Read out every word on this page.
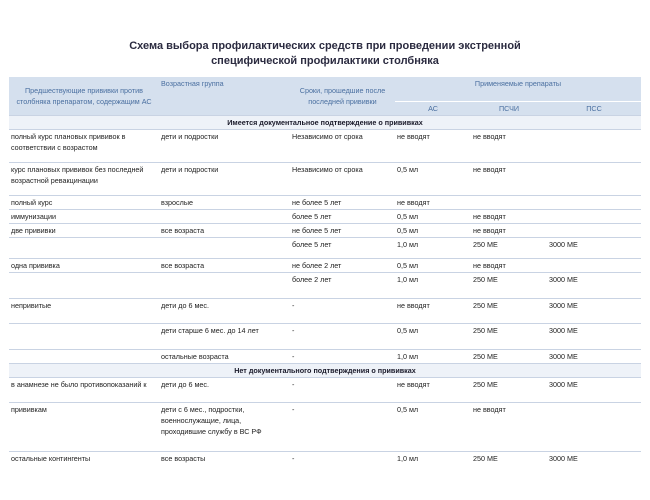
Схема выбора профилактических средств при проведении экстренной
специфической профилактики столбняка
Предшествующие прививки против столбняка препаратом, содержащим АС	Возрастная группа	Сроки, прошедшие после последней прививки	Применяемые препараты		
			АС	ПСЧИ	ПСС
Имеется документальное подтверждение о прививках					
полный курс плановых прививок в соответствии с возрастом	дети и подростки	Независимо от срока	не вводят	не вводят	
курс плановых прививок без последней возрастной ревакцинации	дети и подростки	Независимо от срока	0,5 мл	не вводят	
полный курс	взрослые	не более 5 лет	не вводят		
иммунизации		более 5 лет	0,5 мл	не вводят	
две прививки	все возраста	не более 5 лет	0,5 мл	не вводят	
		более 5 лет	1,0 мл	250 МЕ	3000 МЕ
одна прививка	все возраста	не более 2 лет	0,5 мл	не вводят	
		более 2 лет	1,0 мл	250 МЕ	3000 МЕ
непривитые	дети до 6 мес.	-	не вводят	250 МЕ	3000 МЕ
	дети старше 6 мес. до 14 лет	-	0,5 мл	250 МЕ	3000 МЕ
	остальные возраста	-	1,0 мл	250 МЕ	3000 МЕ
Нет документального подтверждения о прививках					
в анамнезе не было противопоказаний к	дети до 6 мес.	-	не вводят	250 МЕ	3000 МЕ
прививкам	дети с 6 мес., подростки, военнослужащие, лица, проходившие службу в ВС РФ	-	0,5 мл	не вводят	
остальные контингенты	все возрасты	-	1,0 мл	250 МЕ	3000 МЕ
